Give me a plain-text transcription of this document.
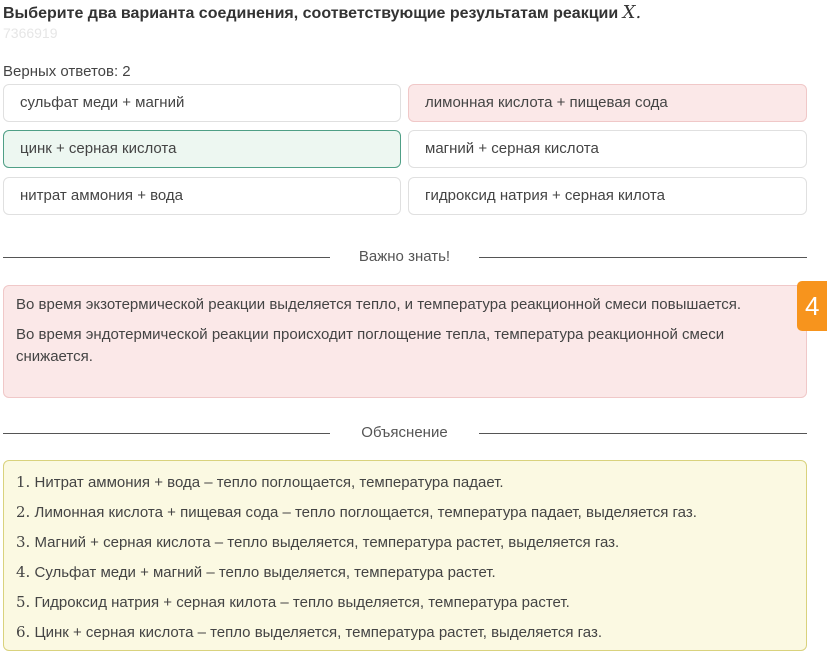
Выберите два варианта соединения, соответствующие результатам реакции X.
7366919
Верных ответов: 2
сульфат меди + магний	лимонная кислота + пищевая сода
цинк + серная кислота	магний + серная кислота
нитрат аммония + вода	гидроксид натрия + серная килота
Важно знать!

Во время экзотермической реакции выделяется тепло, и температура реакционной смеси повышается.

Во время эндотермической реакции происходит поглощение тепла, температура реакционной смеси снижается.

4
Объяснение
1. Нитрат аммония + вода – тепло поглощается, температура падает.
2. Лимонная кислота + пищевая сода – тепло поглощается, температура падает, выделяется газ.
3. Магний + серная кислота – тепло выделяется, температура растет, выделяется газ.
4. Сульфат меди + магний – тепло выделяется, температура растет.
5. Гидроксид натрия + серная килота – тепло выделяется, температура растет.
6. Цинк + серная кислота – тепло выделяется, температура растет, выделяется газ.
